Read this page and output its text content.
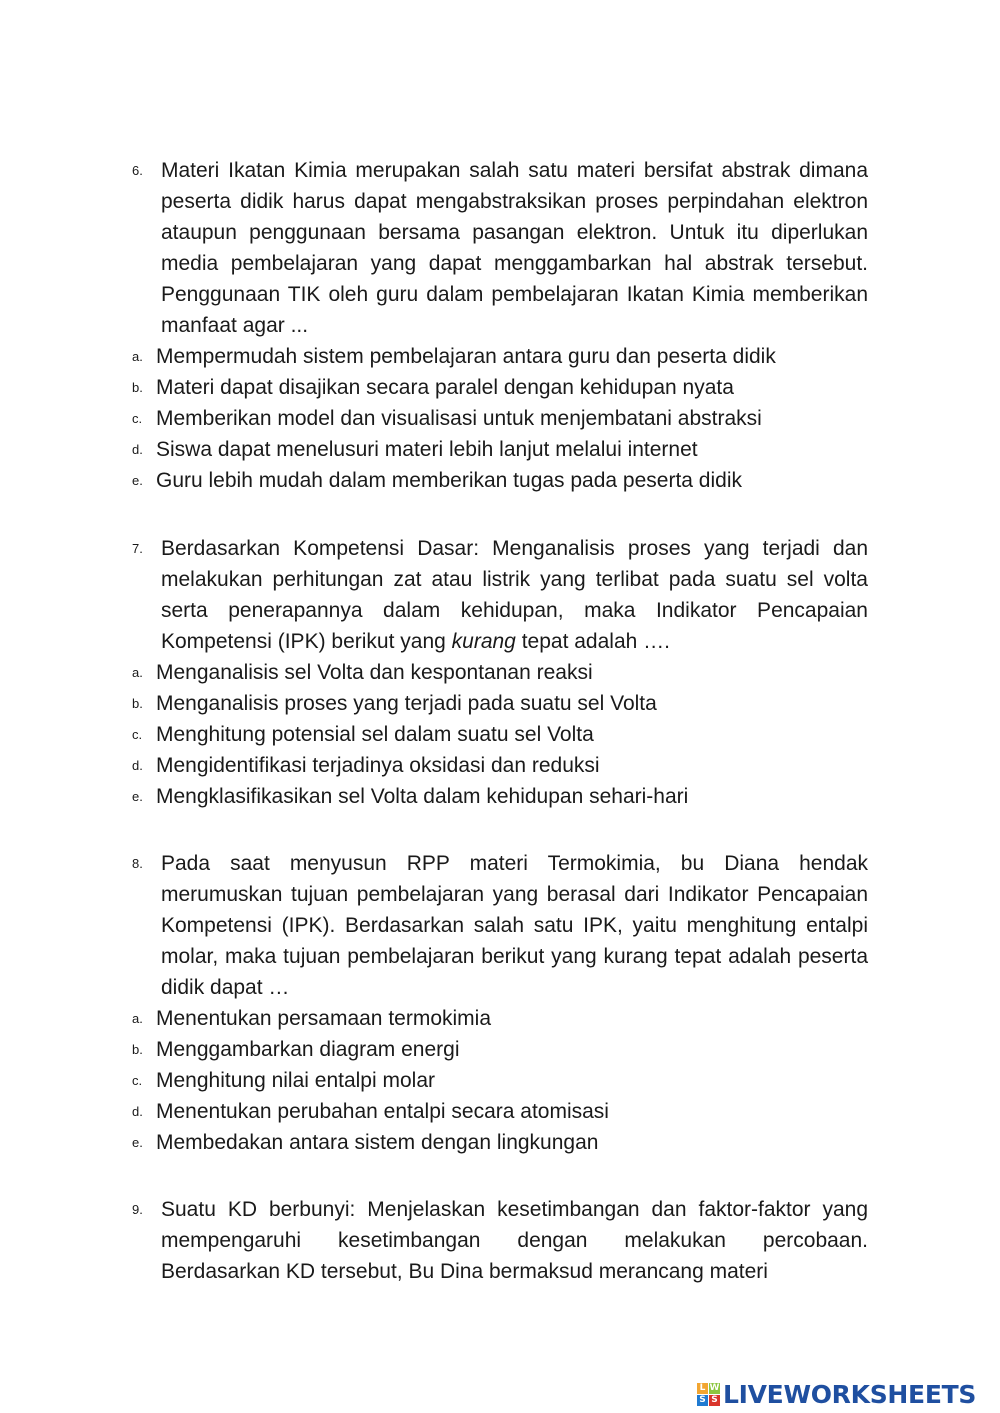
6. Materi Ikatan Kimia merupakan salah satu materi bersifat abstrak dimana peserta didik harus dapat mengabstraksikan proses perpindahan elektron ataupun penggunaan bersama pasangan elektron. Untuk itu diperlukan media pembelajaran yang dapat menggambarkan hal abstrak tersebut. Penggunaan TIK oleh guru dalam pembelajaran Ikatan Kimia memberikan manfaat agar ...

a. Mempermudah sistem pembelajaran antara guru dan peserta didik
b. Materi dapat disajikan secara paralel dengan kehidupan nyata
c. Memberikan model dan visualisasi untuk menjembatani abstraksi
d. Siswa dapat menelusuri materi lebih lanjut melalui internet
e. Guru lebih mudah dalam memberikan tugas pada peserta didik
7. Berdasarkan Kompetensi Dasar: Menganalisis proses yang terjadi dan melakukan perhitungan zat atau listrik yang terlibat pada suatu sel volta serta penerapannya dalam kehidupan, maka Indikator Pencapaian Kompetensi (IPK) berikut yang kurang tepat adalah ….

a. Menganalisis sel Volta dan kespontanan reaksi
b. Menganalisis proses yang terjadi pada suatu sel Volta
c. Menghitung potensial sel dalam suatu sel Volta
d. Mengidentifikasi terjadinya oksidasi dan reduksi
e. Mengklasifikasikan sel Volta dalam kehidupan sehari-hari
8. Pada saat menyusun RPP materi Termokimia, bu Diana hendak merumuskan tujuan pembelajaran yang berasal dari Indikator Pencapaian Kompetensi (IPK). Berdasarkan salah satu IPK, yaitu menghitung entalpi molar, maka tujuan pembelajaran berikut yang kurang tepat adalah peserta didik dapat …

a. Menentukan persamaan termokimia
b. Menggambarkan diagram energi
c. Menghitung nilai entalpi molar
d. Menentukan perubahan entalpi secara atomisasi
e. Membedakan antara sistem dengan lingkungan
9. Suatu KD berbunyi: Menjelaskan kesetimbangan dan faktor-faktor yang mempengaruhi kesetimbangan dengan melakukan percobaan. Berdasarkan KD tersebut, Bu Dina bermaksud merancang materi

L W
S S LIVEWORKSHEETS
